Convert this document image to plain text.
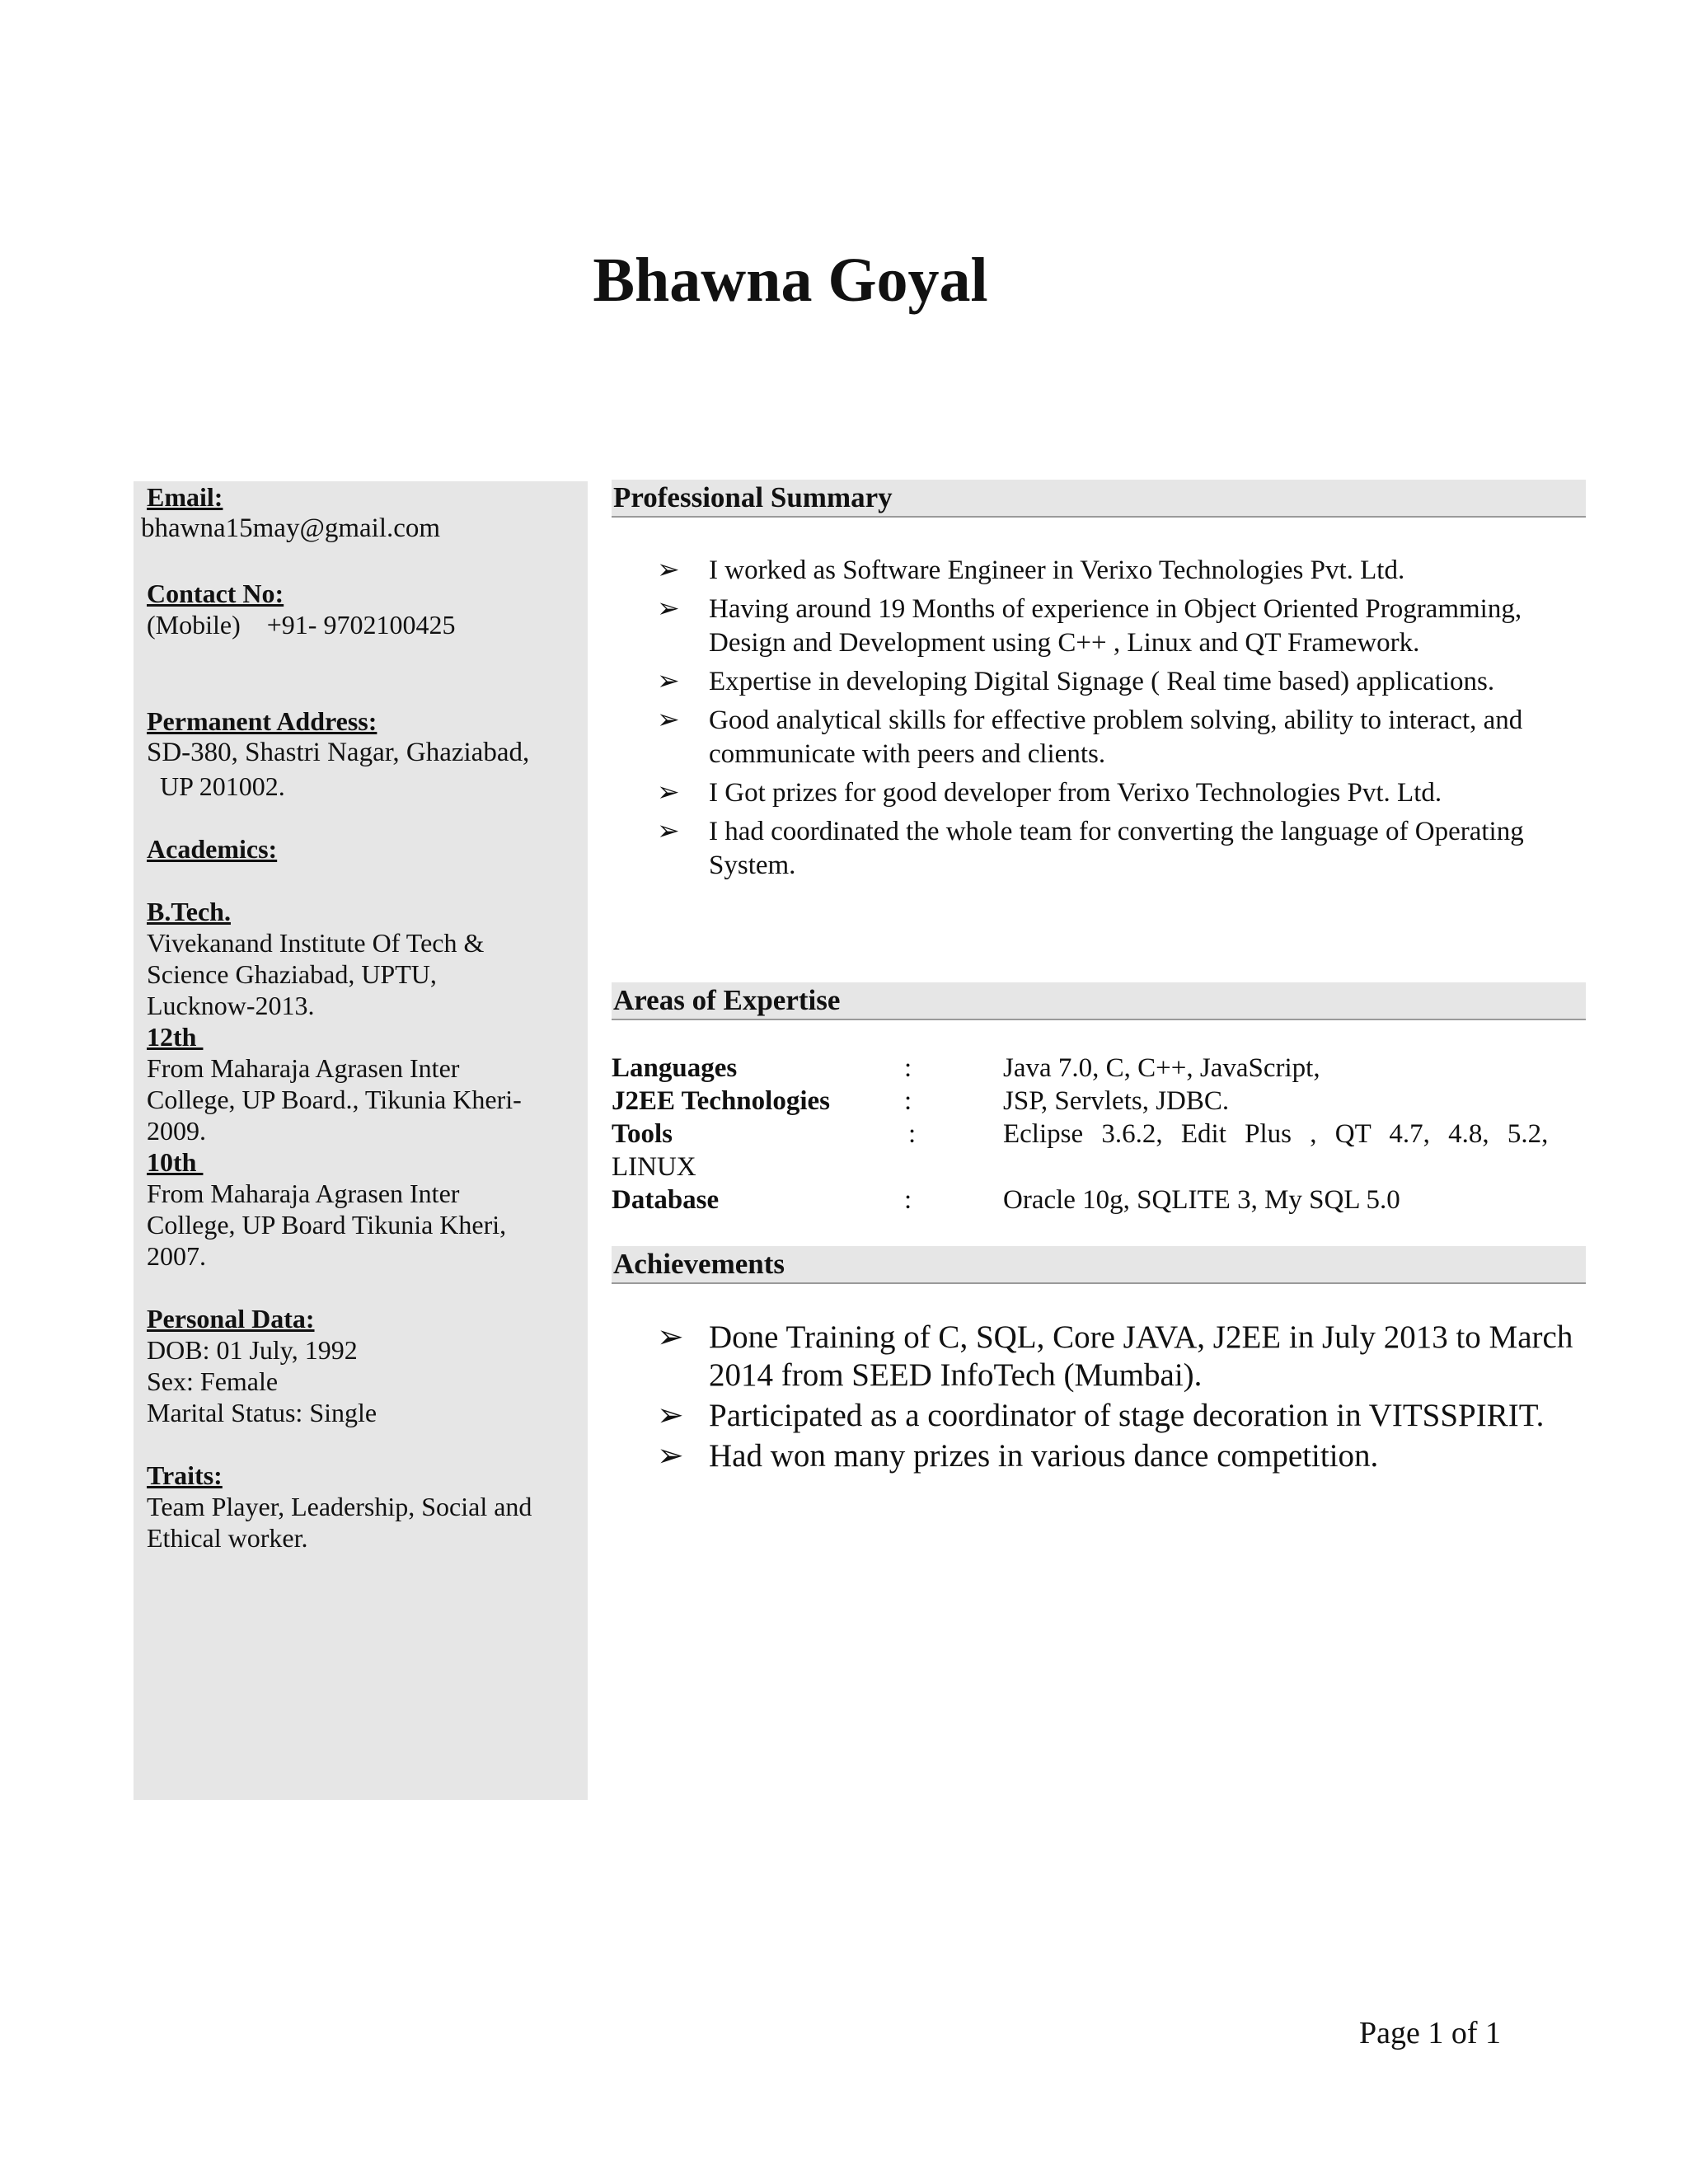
Bhawna Goyal
Email:
bhawna15may@gmail.com
Contact No:
(Mobile)    +91- 9702100425
Permanent Address:
SD-380, Shastri Nagar, Ghaziabad,
UP 201002.
Academics:
B.Tech.
Vivekanand Institute Of Tech &
Science Ghaziabad, UPTU,
Lucknow-2013.
12th
From Maharaja Agrasen Inter
College, UP Board., Tikunia Kheri-
2009.
10th
From Maharaja Agrasen Inter
College, UP Board Tikunia Kheri,
2007.
Personal Data:
DOB: 01 July, 1992
Sex: Female
Marital Status: Single
Traits:
Team Player, Leadership, Social and
Ethical worker.
Professional Summary
➢ I worked as Software Engineer in Verixo Technologies Pvt. Ltd.
➢ Having around 19 Months of experience in Object Oriented Programming, Design and Development using C++ , Linux and QT Framework.
➢ Expertise in developing Digital Signage ( Real time based) applications.
➢ Good analytical skills for effective problem solving, ability to interact, and communicate with peers and clients.
➢ I Got prizes for good developer from Verixo Technologies Pvt. Ltd.
➢ I had coordinated the whole team for converting the language of Operating System.
Areas of Expertise
Languages	:	Java 7.0, C, C++, JavaScript,
J2EE Technologies	:	JSP, Servlets, JDBC.
Tools	:	Eclipse 3.6.2, Edit Plus , QT 4.7, 4.8, 5.2,
LINUX
Database	:	Oracle 10g, SQLITE 3, My SQL 5.0
Achievements
➢ Done Training of C, SQL, Core JAVA, J2EE in July 2013 to March 2014 from SEED InfoTech (Mumbai).
➢ Participated as a coordinator of stage decoration in VITSSPIRIT.
➢ Had won many prizes in various dance competition.
Page 1 of 1
